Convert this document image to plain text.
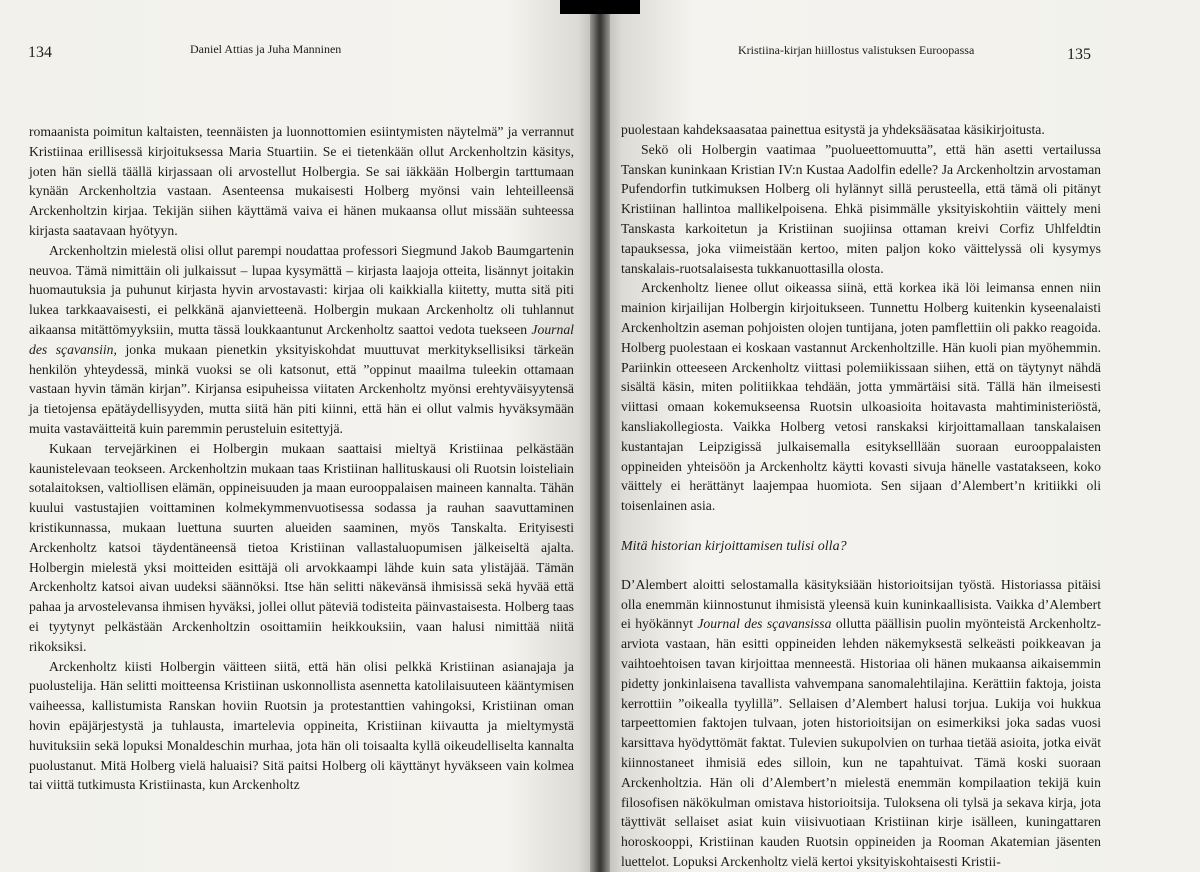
134	Daniel Attias ja Juha Manninen

romaanista poimitun kaltaisten, teennäisten ja luonnottomien esiintymisten näytelmä” ja verrannut Kristiinaa erillisessä kirjoituksessa Maria Stuartiin. Se ei tietenkään ollut Arckenholtzin käsitys, joten hän siellä täällä kirjassaan oli arvostellut Holbergia. Se sai iäkkään Holbergin tarttumaan kynään Arckenholtzia vastaan. Asenteensa mukaisesti Holberg myönsi vain lehteilleensä Arckenholtzin kirjaa. Tekijän siihen käyttämä vaiva ei hänen mukaansa ollut missään suhteessa kirjasta saatavaan hyötyyn.

Arckenholtzin mielestä olisi ollut parempi noudattaa professori Siegmund Jakob Baumgartenin neuvoa. Tämä nimittäin oli julkaissut – lupaa kysymättä – kirjasta laajoja otteita, lisännyt joitakin huomautuksia ja puhunut kirjasta hyvin arvostavasti: kirjaa oli kaikkialla kiitetty, mutta sitä piti lukea tarkkaavaisesti, ei pelkkänä ajanvietteenä. Holbergin mukaan Arckenholtz oli tuhlannut aikaansa mitättömyyksiin, mutta tässä loukkaantunut Arckenholtz saattoi vedota tuekseen Journal des sçavansiin, jonka mukaan pienetkin yksityiskohdat muuttuvat merkityksellisiksi tärkeän henkilön yhteydessä, minkä vuoksi se oli katsonut, että ”oppinut maailma tuleekin ottamaan vastaan hyvin tämän kirjan”. Kirjansa esipuheissa viitaten Arckenholtz myönsi erehtyväisyytensä ja tietojensa epätäydellisyyden, mutta siitä hän piti kiinni, että hän ei ollut valmis hyväksymään muita vastaväitteitä kuin paremmin perusteluin esitettyjä.

Kukaan tervejärkinen ei Holbergin mukaan saattaisi mieltyä Kristiinaa pelkästään kaunistelevaan teokseen. Arckenholtzin mukaan taas Kristiinan hallituskausi oli Ruotsin loisteliain sotalaitoksen, valtiollisen elämän, oppineisuuden ja maan eurooppalaisen maineen kannalta. Tähän kuului vastustajien voittaminen kolmekymmenvuotisessa sodassa ja rauhan saavuttaminen kristikunnassa, mukaan luettuna suurten alueiden saaminen, myös Tanskalta. Erityisesti Arckenholtz katsoi täydentäneensä tietoa Kristiinan vallastaluopumisen jälkeiseltä ajalta. Holbergin mielestä yksi moitteiden esittäjä oli arvokkaampi lähde kuin sata ylistäjää. Tämän Arckenholtz katsoi aivan uudeksi säännöksi. Itse hän selitti näkevänsä ihmisissä sekä hyvää että pahaa ja arvostelevansa ihmisen hyväksi, jollei ollut päteviä todisteita päinvastaisesta. Holberg taas ei tyytynyt pelkästään Arckenholtzin osoittamiin heikkouksiin, vaan halusi nimittää niitä rikoksiksi.

Arckenholtz kiisti Holbergin väitteen siitä, että hän olisi pelkkä Kristiinan asianajaja ja puolustelija. Hän selitti moitteensa Kristiinan uskonnollista asennetta katolilaisuuteen kääntymisen vaiheessa, kallistumista Ranskan hoviin Ruotsin ja protestanttien vahingoksi, Kristiinan oman hovin epäjärjestystä ja tuhlausta, imartelevia oppineita, Kristiinan kiivautta ja mieltymystä huvituksiin sekä lopuksi Monaldeschin murhaa, jota hän oli toisaalta kyllä oikeudelliselta kannalta puolustanut. Mitä Holberg vielä haluaisi? Sitä paitsi Holberg oli käyttänyt hyväkseen vain kolmea tai viittä tutkimusta Kristiinasta, kun Arckenholtz

Kristiina-kirjan hiillostus valistuksen Euroopassa	135

puolestaan kahdeksaasataa painettua esitystä ja yhdeksääsataa käsikirjoitusta.

Sekö oli Holbergin vaatimaa ”puolueettomuutta”, että hän asetti vertailussa Tanskan kuninkaan Kristian IV:n Kustaa Aadolfin edelle? Ja Arckenholtzin arvostaman Pufendorfin tutkimuksen Holberg oli hylännyt sillä perusteella, että tämä oli pitänyt Kristiinan hallintoa mallikelpoisena. Ehkä pisimmälle yksityiskohtiin väittely meni Tanskasta karkoitetun ja Kristiinan suojiinsa ottaman kreivi Corfiz Uhlfeldtin tapauksessa, joka viimeistään kertoo, miten paljon koko väittelyssä oli kysymys tanskalais-ruotsalaisesta tukkanuottasilla olosta.

Arckenholtz lienee ollut oikeassa siinä, että korkea ikä löi leimansa ennen niin mainion kirjailijan Holbergin kirjoitukseen. Tunnettu Holberg kuitenkin kyseenalaisti Arckenholtzin aseman pohjoisten olojen tuntijana, joten pamflettiin oli pakko reagoida. Holberg puolestaan ei koskaan vastannut Arckenholtzille. Hän kuoli pian myöhemmin. Pariinkin otteeseen Arckenholtz viittasi polemiikissaan siihen, että on täytynyt nähdä sisältä käsin, miten politiikkaa tehdään, jotta ymmärtäisi sitä. Tällä hän ilmeisesti viittasi omaan kokemukseensa Ruotsin ulkoasioita hoitavasta mahtiministeriöstä, kansliakollegiosta. Vaikka Holberg vetosi ranskaksi kirjoittamallaan tanskalaisen kustantajan Leipzigissä julkaisemalla esitykselllään suoraan eurooppalaisten oppineiden yhteisöön ja Arckenholtz käytti kovasti sivuja hänelle vastatakseen, koko väittely ei herättänyt laajempaa huomiota. Sen sijaan d’Alembert’n kritiikki oli toisenlainen asia.

Mitä historian kirjoittamisen tulisi olla?

D’Alembert aloitti selostamalla käsityksiään historioitsijan työstä. Historiassa pitäisi olla enemmän kiinnostunut ihmisistä yleensä kuin kuninkaallisista. Vaikka d’Alembert ei hyökännyt Journal des sçavansissa ollutta päällisin puolin myönteistä Arckenholtz-arviota vastaan, hän esitti oppineiden lehden näkemyksestä selkeästi poikkeavan ja vaihtoehtoisen tavan kirjoittaa menneestä. Historiaa oli hänen mukaansa aikaisemmin pidetty jonkinlaisena tavallista vahvempana sanomalehtilajina. Kerättiin faktoja, joista kerrottiin ”oikealla tyylillä”. Sellaisen d’Alembert halusi torjua. Lukija voi hukkua tarpeettomien faktojen tulvaan, joten historioitsijan on esimerkiksi joka sadas vuosi karsittava hyödyttömät faktat. Tulevien sukupolvien on turhaa tietää asioita, jotka eivät kiinnostaneet ihmisiä edes silloin, kun ne tapahtuivat. Tämä koski suoraan Arckenholtzia. Hän oli d’Alembert’n mielestä enemmän kompilaation tekijä kuin filosofisen näkökulman omistava historioitsija. Tuloksena oli tylsä ja sekava kirja, jota täyttivät sellaiset asiat kuin viisivuotiaan Kristiinan kirje isälleen, kuningattaren horoskooppi, Kristiinan kauden Ruotsin oppineiden ja Rooman Akatemian jäsenten luettelot. Lopuksi Arckenholtz vielä kertoi yksityiskohtaisesti Kristii-
